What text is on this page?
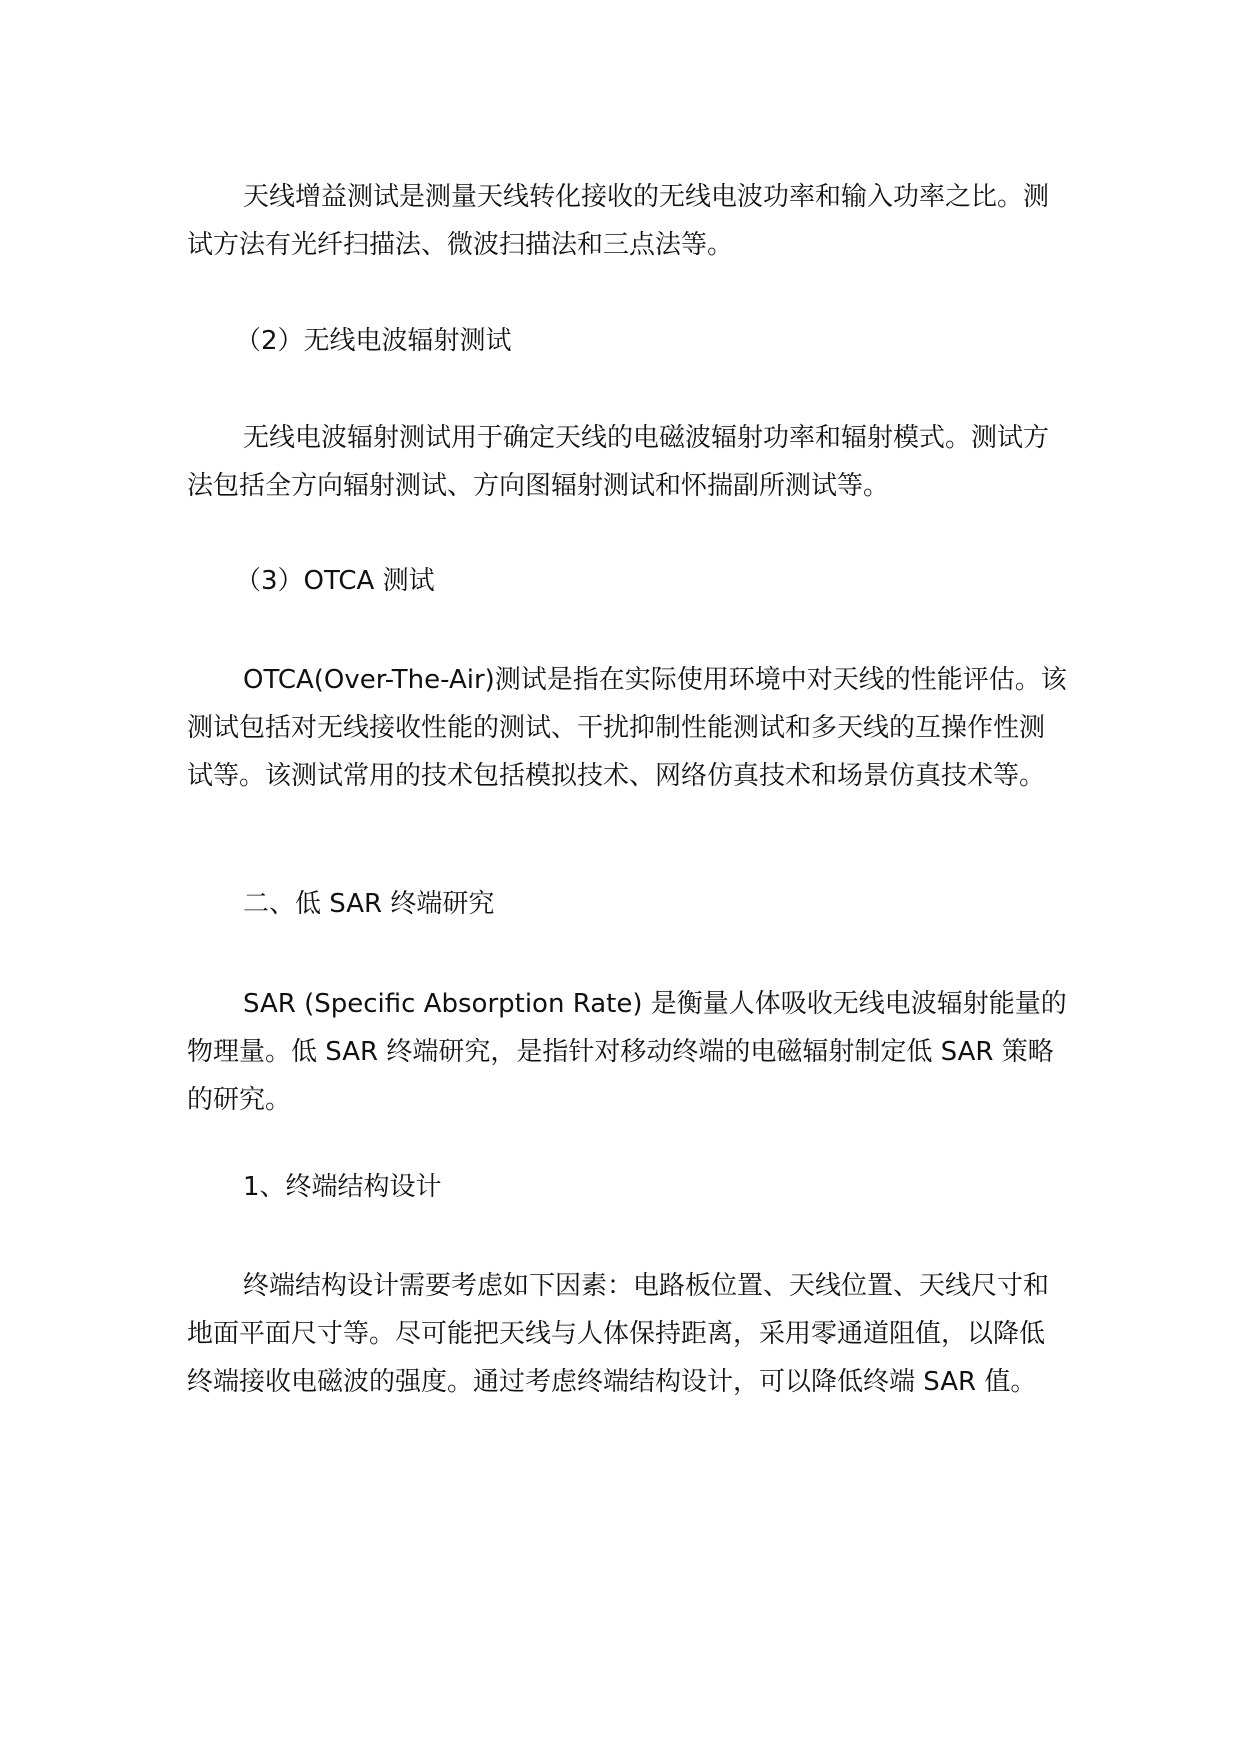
天线增益测试是测量天线转化接收的无线电波功率和输入功率之比。测试方法有光纤扫描法、微波扫描法和三点法等。

（2）无线电波辐射测试

无线电波辐射测试用于确定天线的电磁波辐射功率和辐射模式。测试方法包括全方向辐射测试、方向图辐射测试和怀揣副所测试等。

（3）OTCA 测试

OTCA(Over-The-Air)测试是指在实际使用环境中对天线的性能评估。该测试包括对无线接收性能的测试、干扰抑制性能测试和多天线的互操作性测试等。该测试常用的技术包括模拟技术、网络仿真技术和场景仿真技术等。

二、低 SAR 终端研究

SAR (Specific Absorption Rate) 是衡量人体吸收无线电波辐射能量的物理量。低 SAR 终端研究，是指针对移动终端的电磁辐射制定低 SAR 策略的研究。

1、终端结构设计

终端结构设计需要考虑如下因素：电路板位置、天线位置、天线尺寸和地面平面尺寸等。尽可能把天线与人体保持距离，采用零通道阻值，以降低终端接收电磁波的强度。通过考虑终端结构设计，可以降低终端 SAR 值。
